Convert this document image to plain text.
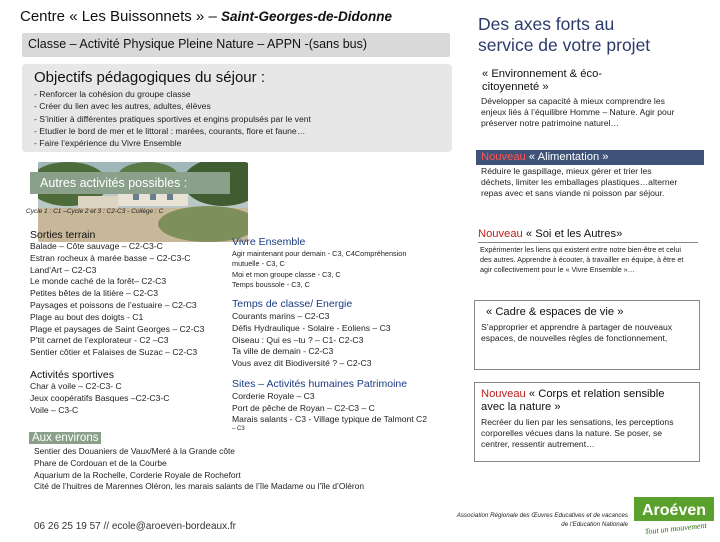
Centre « Les Buissonnets » – Saint-Georges-de-Didonne
Classe – Activité Physique Pleine Nature – APPN -(sans bus)
Objectifs pédagogiques du séjour :
- Renforcer la cohésion du groupe classe
- Créer du lien avec les autres, adultes, élèves
- S’initier à différentes pratiques sportives et engins propulsés par le vent
- Etudier le bord de mer et le littoral : marées, courants, flore et faune…
- Faire l’expérience du Vivre Ensemble
Autres activités possibles :
Cycle 1 : C1 –Cycle 2 et 3 : C2-C3 - Collège : C
Sorties terrain
Balade – Côte sauvage – C2-C3-C
Estran rocheux à marée basse – C2-C3-C
Land’Art – C2-C3
Le monde caché de la forêt– C2-C3
Petites bêtes de la litière – C2-C3
Paysages et poissons de l’estuaire – C2-C3
Plage au bout des doigts - C1
Plage et paysages de Saint Georges – C2-C3
P’tit carnet de l’explorateur - C2 –C3
Sentier côtier et Falaises de Suzac – C2-C3
Activités sportives
Char à voile – C2-C3- C
Jeux coopératifs Basques –C2-C3-C
Voile – C3-C
Vivre Ensemble
Agir maintenant pour demain - C3, C4Compréhension
mutuelle - C3, C
Moi et mon groupe classe - C3, C
Temps boussole - C3, C
Temps de classe/ Energie
Courants marins – C2-C3
Défis Hydraulique - Solaire - Eoliens – C3
Oiseau : Qui es –tu ? – C1- C2-C3
Ta ville de demain - C2-C3
Vous avez dit Biodiversité ? – C2-C3
Sites – Activités humaines Patrimoine
Corderie Royale – C3
Port de pêche de Royan – C2-C3 – C
Marais salants - C3 - Village typique de Talmont C2
– C3
Aux environs
Sentier des Douaniers de Vaux/Meré à la Grande côte
Phare de Cordouan et de la Courbe
Aquarium de la Rochelle, Corderie Royale de Rochefort
Cité de l’huitres de Marennes Oléron, les marais salants de l’île Madame ou l’île d’Oléron
06 26 25 19 57 // ecole@aroeven-bordeaux.fr
Des axes forts au
service de votre projet
« Environnement & éco-citoyenneté »
Développer sa capacité à mieux comprendre les enjeux liés à l’équilibre Homme – Nature. Agir pour préserver notre patrimoine naturel…
Nouveau « Alimentation »
Réduire le gaspillage, mieux gérer et trier les déchets, limiter les emballages plastiques…alterner repas avec et sans viande ni poisson par séjour.
Nouveau « Soi et les Autres»
Expérimenter les liens qui existent entre notre bien-être et celui des autres. Apprendre à écouter, à travailler en équipe, à être et agir collectivement pour le « Vivre Ensemble »…
« Cadre & espaces de vie »
S’approprier et apprendre à partager de nouveaux espaces, de nouvelles règles de fonctionnement,
Nouveau « Corps et relation sensible avec la nature »
Recréer du lien par les sensations, les perceptions corporelles vécues dans la nature. Se poser, se centrer, ressentir autrement…
Association Régionale des Œuvres Educatives et de vacances de l’Education Nationale
Aroéven
Tout un mouvement
